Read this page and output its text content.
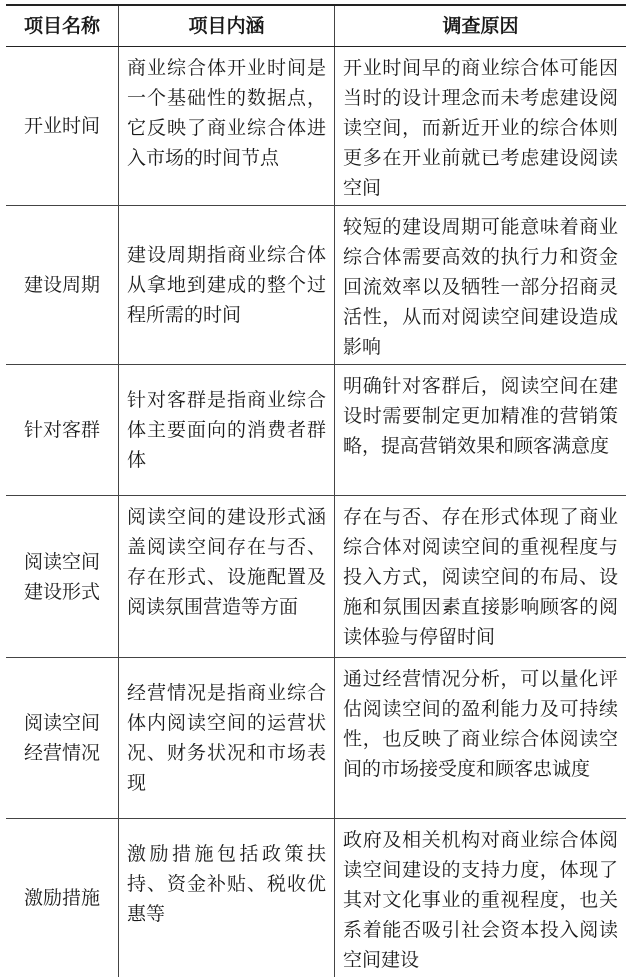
项目名称	项目内涵	调查原因
开业时间
商业综合体开业时间是一个基础性的数据点，它反映了商业综合体进入市场的时间节点
开业时间早的商业综合体可能因当时的设计理念而未考虑建设阅读空间，而新近开业的综合体则更多在开业前就已考虑建设阅读空间
建设周期
建设周期指商业综合体从拿地到建成的整个过程所需的时间
较短的建设周期可能意味着商业综合体需要高效的执行力和资金回流效率以及牺牲一部分招商灵活性，从而对阅读空间建设造成影响
针对客群
针对客群是指商业综合体主要面向的消费者群体
明确针对客群后，阅读空间在建设时需要制定更加精准的营销策略，提高营销效果和顾客满意度
阅读空间建设形式
阅读空间的建设形式涵盖阅读空间存在与否、存在形式、设施配置及阅读氛围营造等方面
存在与否、存在形式体现了商业综合体对阅读空间的重视程度与投入方式，阅读空间的布局、设施和氛围因素直接影响顾客的阅读体验与停留时间
阅读空间经营情况
经营情况是指商业综合体内阅读空间的运营状况、财务状况和市场表现
通过经营情况分析，可以量化评估阅读空间的盈利能力及可持续性，也反映了商业综合体阅读空间的市场接受度和顾客忠诚度
激励措施
激励措施包括政策扶持、资金补贴、税收优惠等
政府及相关机构对商业综合体阅读空间建设的支持力度，体现了其对文化事业的重视程度，也关系着能否吸引社会资本投入阅读空间建设
